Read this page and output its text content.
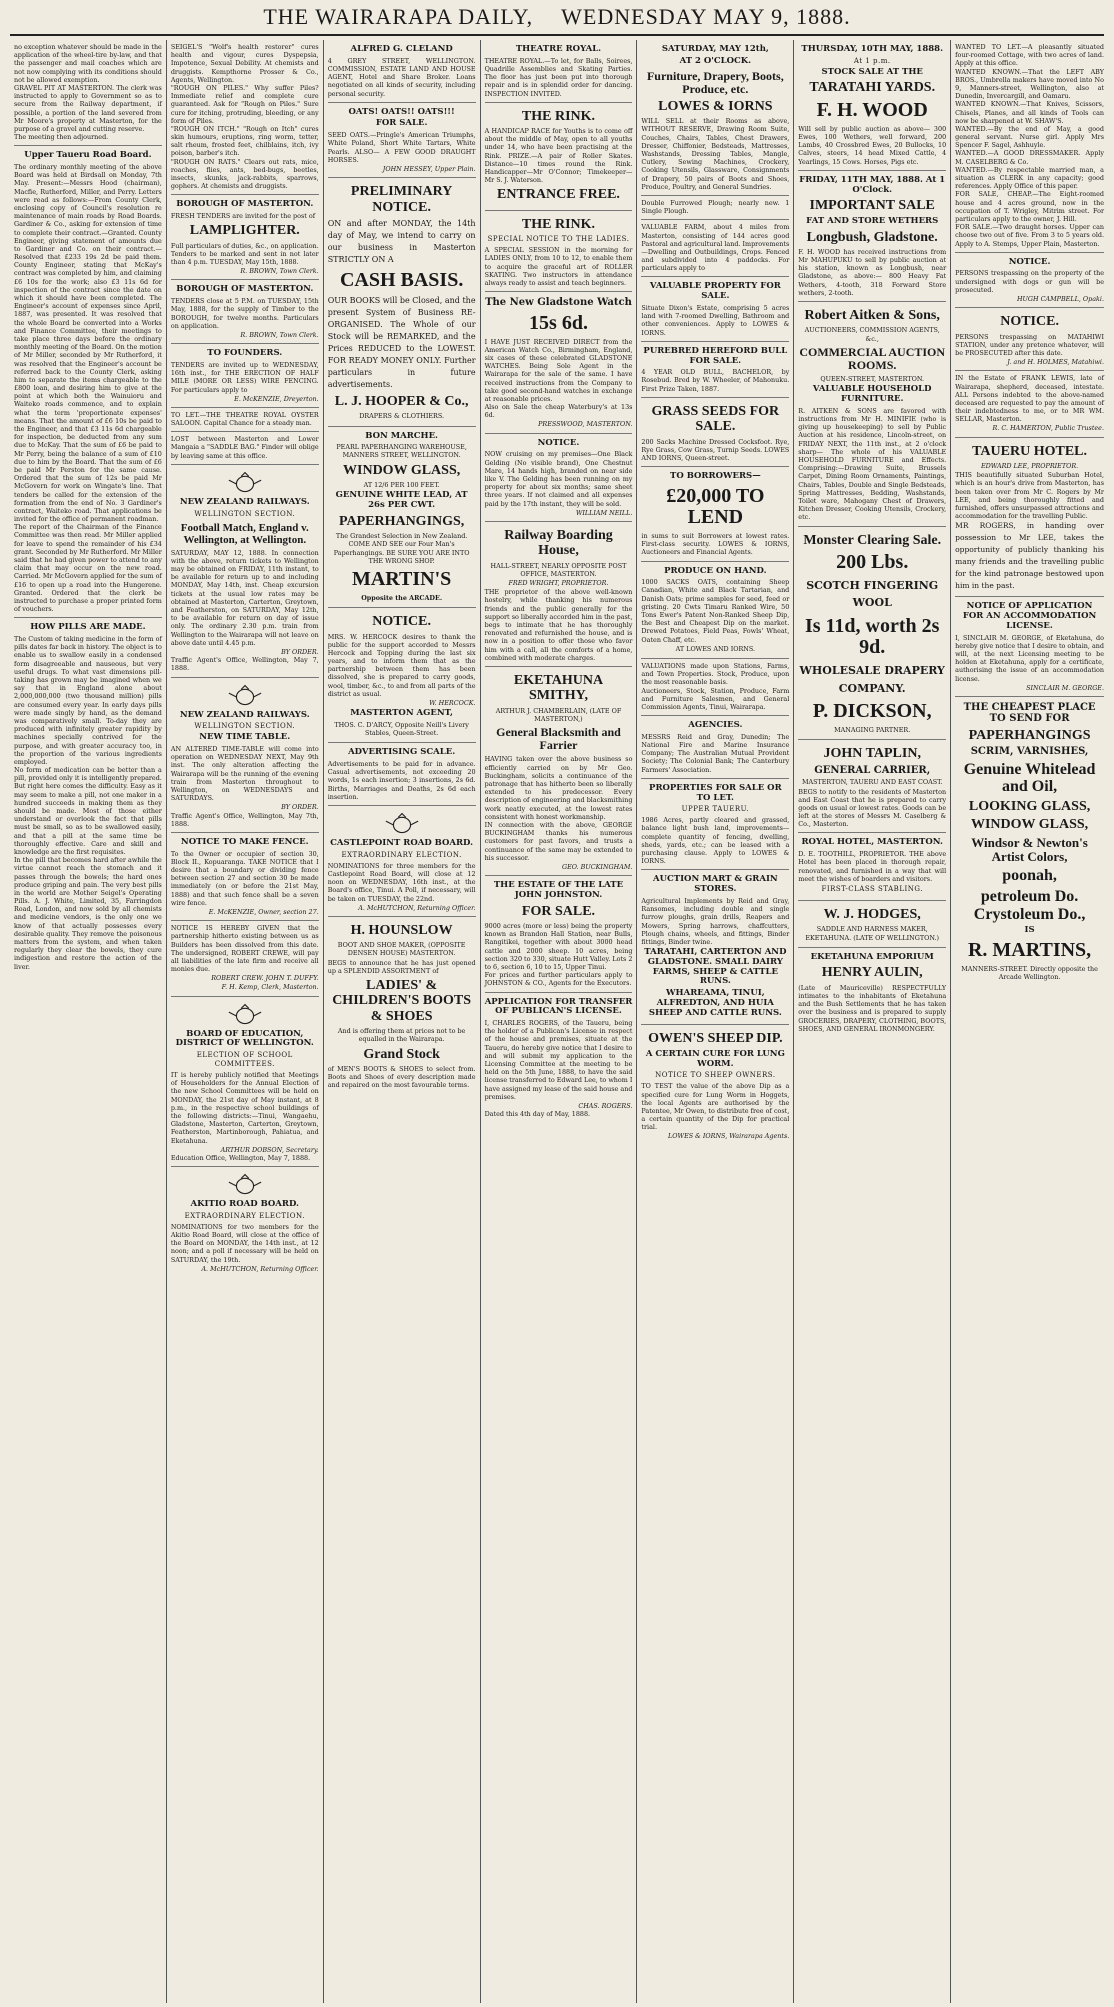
THE WAIRARAPA DAILY, WEDNESDAY MAY 9, 1888.

no exception whatever should be made in the application of the wheel-tire by-law, and that the passenger and mail coaches which are not now complying with its conditions should not be allowed exemption.

GRAVEL PIT AT MASTERTON. The clerk was instructed to apply to Government so as to secure from the Railway department, if possible, a portion of the land severed from Mr Moore's property at Masterton, for the purpose of a gravel and cutting reserve.

The meeting then adjourned.

Upper Taueru Road Board.

The ordinary monthly meeting of the above Board was held at Birdsall on Monday, 7th May. Present:—Messrs Hood (chairman), Macfie, Rutherford, Miller, and Perry. Letters were read as follows:—From County Clerk, enclosing copy of Council's resolution re maintenance of main roads by Road Boards. Gardiner & Co., asking for extension of time to complete their contract.—Granted. County Engineer, giving statement of amounts due to Gardiner and Co. on their contract.—Resolved that £233 19s 2d be paid them. County Engineer, stating that McKay's contract was completed by him, and claiming £6 10s for the work; also £3 11s 6d for inspection of the contract since the date on which it should have been completed. The Engineer's account of expenses since April, 1887, was presented. It was resolved that the whole Board be converted into a Works and Finance Committee, their meetings to take place three days before the ordinary monthly meeting of the Board. On the motion of Mr Miller, seconded by Mr Rutherford, it was resolved that the Engineer's account be referred back to the County Clerk, asking him to separate the items chargeable to the £800 loan, and desiring him to give at the point at which both the Wainuioru and Waiteko roads commence, and to explain what the term 'proportionate expenses' means. That the amount of £6 10s be paid to the Engineer, and that £3 11s 6d chargeable for inspection, be deducted from any sum due to McKay. That the sum of £6 be paid to Mr Perry, being the balance of a sum of £10 due to him by the Board. That the sum of £6 be paid Mr Perston for the same cause. Ordered that the sum of 12s be paid Mr McGovern for work on Wingate's line. That tenders be called for the extension of the formation from the end of No. 3 Gardiner's contract, Waiteko road. That applications be invited for the office of permanent roadman.

The report of the Chairman of the Finance Committee was then read. Mr Miller applied for leave to spend the remainder of his £34 grant. Seconded by Mr Rutherford. Mr Miller said that he had given power to attend to any claim that may occur on the new road. Carried. Mr McGovern applied for the sum of £16 to open up a road into the Hungerene. Granted. Ordered that the clerk be instructed to purchase a proper printed form of vouchers.

HOW PILLS ARE MADE.

The Custom of taking medicine in the form of pills dates far back in history. The object is to enable us to swallow easily in a condensed form disagreeable and nauseous, but very useful drugs. To what vast dimensions pill-taking has grown may be imagined when we say that in England alone about 2,000,000,000 (two thousand million) pills are consumed every year. In early days pills were made singly by hand, as the demand was comparatively small. To-day they are produced with infinitely greater rapidity by machines specially contrived for the purpose, and with greater accuracy too, in the proportion of the various ingredients employed.

No form of medication can be better than a pill, provided only it is intelligently prepared. But right here comes the difficulty. Easy as it may seem to make a pill, not one maker in a hundred succeeds in making them as they should be made. Most of those either understand or overlook the fact that pills must be small, so as to be swallowed easily, and that a pill at the same time be thoroughly effective. Care and skill and knowledge are the first requisites.

In the pill that becomes hard after awhile the virtue cannot reach the stomach and it passes through the bowels; the hard ones produce griping and pain. The very best pills in the world are Mother Seigel's Operating Pills. A. J. White, Limited, 35, Farringdon Road, London, and now sold by all chemists and medicine vendors, is the only one we know of that actually possesses every desirable quality. They remove the poisonous matters from the system, and when taken regularly they clear the bowels, they cure indigestion and restore the action of the liver.

SEIGEL'S "Wolf's health restorer" cures health and vigour, cures Dyspepsia, Impotence, Sexual Debility. At chemists and druggists. Kempthorne Prosser & Co., Agents, Wellington.

"ROUGH ON PILES." Why suffer Piles? Immediate relief and complete cure guaranteed. Ask for "Rough on Piles." Sure cure for itching, protruding, bleeding, or any form of Piles.

"ROUGH ON ITCH." "Rough on Itch" cures skin humours, eruptions, ring worm, tetter, salt rheum, frosted feet, chilblains, itch, ivy poison, barber's itch.

"ROUGH ON RATS." Clears out rats, mice, roaches, flies, ants, bed-bugs, beetles, insects, skunks, jack-rabbits, sparrows, gophers. At chemists and druggists.

BOROUGH OF MASTERTON.

FRESH TENDERS are invited for the post of

LAMPLIGHTER.

Full particulars of duties, &c., on application. Tenders to be marked and sent in not later than 4 p.m. TUESDAY, May 15th, 1888.

R. BROWN, Town Clerk.

BOROUGH OF MASTERTON.

TENDERS close at 5 P.M. on TUESDAY, 15th May, 1888, for the supply of Timber to the BOROUGH, for twelve months. Particulars on application.

R. BROWN, Town Clerk.

TO FOUNDERS.

TENDERS are invited up to WEDNESDAY, 16th inst., for THE ERECTION OF HALF MILE (MORE OR LESS) WIRE FENCING. For particulars apply to

E. McKENZIE, Dreyerton.

TO LET.—THE THEATRE ROYAL OYSTER SALOON. Capital Chance for a steady man.

LOST between Masterton and Lower Mangaia a "SADDLE BAG." Finder will oblige by leaving same at this office.

NEW ZEALAND RAILWAYS.
WELLINGTON SECTION.
Football Match, England v. Wellington, at Wellington.

SATURDAY, MAY 12, 1888. In connection with the above, return tickets to Wellington may be obtained on FRIDAY, 11th instant, to be available for return up to and including MONDAY, May 14th, inst. Cheap excursion tickets at the usual low rates may be obtained at Masterton, Carterton, Greytown, and Featherston, on SATURDAY, May 12th, to be available for return on day of issue only. The ordinary 2.30 p.m. train from Wellington to the Wairarapa will not leave on above date until 4.45 p.m.

BY ORDER.

Traffic Agent's Office, Wellington, May 7, 1888.

NEW ZEALAND RAILWAYS.
WELLINGTON SECTION.
NEW TIME TABLE.

AN ALTERED TIME-TABLE will come into operation on WEDNESDAY NEXT, May 9th inst. The only alteration affecting the Wairarapa will be the running of the evening train from Masterton throughout to Wellington, on WEDNESDAYS and SATURDAYS.

BY ORDER.

Traffic Agent's Office, Wellington, May 7th, 1888.

NOTICE TO MAKE FENCE.

To the Owner or occupier of section 30, Block II., Kopuaranga. TAKE NOTICE that I desire that a boundary or dividing fence between section 27 and section 30 be made immediately (on or before the 21st May, 1888) and that such fence shall be a seven wire fence.

E. McKENZIE, Owner, section 27.

NOTICE IS HEREBY GIVEN that the partnership hitherto existing between us as Builders has been dissolved from this date. The undersigned, ROBERT CREWE, will pay all liabilities of the late firm and receive all monies due.

ROBERT CREW. JOHN T. DUFFY.

F. H. Kemp, Clerk, Masterton.

BOARD OF EDUCATION, DISTRICT OF WELLINGTON.
ELECTION OF SCHOOL COMMITTEES.

IT is hereby publicly notified that Meetings of Householders for the Annual Election of the new School Committees will be held on MONDAY, the 21st day of May instant, at 8 p.m., in the respective school buildings of the following districts:—Tinui, Wangaehu, Gladstone, Masterton, Carterton, Greytown, Featherston, Martinborough, Pahiatua, and Eketahuna.

ARTHUR DOBSON, Secretary.

Education Office, Wellington, May 7, 1888.

AKITIO ROAD BOARD.
EXTRAORDINARY ELECTION.

NOMINATIONS for two members for the Akitio Road Board, will close at the office of the Board on MONDAY, the 14th inst., at 12 noon; and a poll if necessary will be held on SATURDAY, the 19th.

A. McHUTCHON, Returning Officer.

ALFRED G. CLELAND

4 GREY STREET, WELLINGTON. COMMISSION, ESTATE LAND AND HOUSE AGENT, Hotel and Share Broker. Loans negotiated on all kinds of security, including personal security.

OATS! OATS!! OATS!!!
FOR SALE.

SEED OATS.—Pringle's American Triumphs, White Poland, Short White Tartars, White Pearls. ALSO— A FEW GOOD DRAUGHT HORSES.

JOHN HESSEY, Upper Plain.

PRELIMINARY NOTICE.

ON and after MONDAY, the 14th day of May, we intend to carry on our business in Masterton STRICTLY ON A

CASH BASIS.

OUR BOOKS will be Closed, and the present System of Business RE-ORGANISED. The Whole of our Stock will be REMARKED, and the Prices REDUCED to the LOWEST. FOR READY MONEY ONLY. Further particulars in future advertisements.

L. J. HOOPER & Co.,

DRAPERS & CLOTHIERS.

BON MARCHE.

PEARL PAPERHANGING WAREHOUSE, MANNERS STREET, WELLINGTON.

WINDOW GLASS,

AT 12/6 PER 100 FEET.

GENUINE WHITE LEAD, AT 26s PER CWT.
PAPERHANGINGS,

The Grandest Selection in New Zealand. COME AND SEE our Four Man's Paperhangings. BE SURE YOU ARE INTO THE WRONG SHOP.

MARTIN'S

Opposite the ARCADE.

NOTICE.

MRS. W. HERCOCK desires to thank the public for the support accorded to Messrs Hercock and Topping during the last six years, and to inform them that as the partnership between them has been dissolved, she is prepared to carry goods, wool, timber, &c., to and from all parts of the district as usual.

W. HERCOCK.

MASTERTON AGENT,

THOS. C. D'ARCY, Opposite Neill's Livery Stables, Queen-Street.

ADVERTISING SCALE.

Advertisements to be paid for in advance. Casual advertisements, not exceeding 20 words, 1s each insertion; 3 insertions, 2s 6d. Births, Marriages and Deaths, 2s 6d each insertion.

CASTLEPOINT ROAD BOARD.
EXTRAORDINARY ELECTION.

NOMINATIONS for three members for the Castlepoint Road Board, will close at 12 noon on WEDNESDAY, 16th inst., at the Board's office, Tinui. A Poll, if necessary, will be taken on TUESDAY, the 22nd.

A. McHUTCHON, Returning Officer.

H. HOUNSLOW

BOOT AND SHOE MAKER, (OPPOSITE DENSEN HOUSE) MASTERTON.

BEGS to announce that he has just opened up a SPLENDID ASSORTMENT of

LADIES' & CHILDREN'S BOOTS & SHOES

And is offering them at prices not to be equalled in the Wairarapa.

Grand Stock

of MEN'S BOOTS & SHOES to select from. Boots and Shoes of every description made and repaired on the most favourable terms.

THEATRE ROYAL.

THEATRE ROYAL.—To let, for Balls, Soirees, Quadrille Assemblies and Skating Parties. The floor has just been put into thorough repair and is in splendid order for dancing. INSPECTION INVITED.

THE RINK.

A HANDICAP RACE for Youths is to come off about the middle of May, open to all youths under 14, who have been practising at the Rink. PRIZE.—A pair of Roller Skates. Distance—10 times round the Rink. Handicapper—Mr O'Connor; Timekeeper—Mr S. J. Waterson.

ENTRANCE FREE.
THE RINK.
SPECIAL NOTICE TO THE LADIES.

A SPECIAL SESSION in the morning for LADIES ONLY, from 10 to 12, to enable them to acquire the graceful art of ROLLER SKATING. Two instructors in attendance always ready to assist and teach beginners.

The New Gladstone Watch
15s 6d.

I HAVE JUST RECEIVED DIRECT from the American Watch Co., Birmingham, England, six cases of these celebrated GLADSTONE WATCHES. Being Sole Agent in the Wairarapa for the sale of the same. I have received instructions from the Company to take good second-hand watches in exchange at reasonable prices.

Also on Sale the cheap Waterbury's at 13s 6d.

PRESSWOOD, MASTERTON.

NOTICE.

NOW cruising on my premises—One Black Gelding (No visible brand), One Chestnut Mare, 14 hands high, branded on near side like V. The Gelding has been running on my property for about six months; same sheet three years. If not claimed and all expenses paid by the 17th instant, they will be sold.

WILLIAM NEILL.

Railway Boarding House,

HALL-STREET, NEARLY OPPOSITE POST OFFICE, MASTERTON.

FRED WRIGHT, PROPRIETOR.

THE proprietor of the above well-known hostelry, while thanking his numerous friends and the public generally for the support so liberally accorded him in the past, begs to intimate that he has thoroughly renovated and refurnished the house, and is now in a position to offer those who favor him with a call, all the comforts of a home, combined with moderate charges.

EKETAHUNA SMITHY,

ARTHUR J. CHAMBERLAIN, (LATE OF MASTERTON,)

General Blacksmith and Farrier

HAVING taken over the above business so efficiently carried on by Mr Geo. Buckingham, solicits a continuance of the patronage that has hitherto been so liberally extended to his predecessor. Every description of engineering and blacksmithing work neatly executed, at the lowest rates consistent with honest workmanship.

IN connection with the above, GEORGE BUCKINGHAM thanks his numerous customers for past favors, and trusts a continuance of the same may be extended to his successor.

GEO. BUCKINGHAM.

THE ESTATE OF THE LATE JOHN JOHNSTON.
FOR SALE.

9000 acres (more or less) being the property known as Brandon Hall Station, near Bulls, Rangitikei, together with about 3000 head cattle and 2000 sheep. 10 acres, being section 320 to 330, situate Hutt Valley. Lots 2 to 6, section 6, 10 to 15, Upper Tinui.

For prices and further particulars apply to JOHNSTON & CO., Agents for the Executors.

APPLICATION FOR TRANSFER OF PUBLICAN'S LICENSE.

I, CHARLES ROGERS, of the Taueru, being the holder of a Publican's License in respect of the house and premises, situate at the Taueru, do hereby give notice that I desire to and will submit my application to the Licensing Committee at the meeting to be held on the 5th June, 1888, to have the said license transferred to Edward Lee, to whom I have assigned my lease of the said house and premises.

CHAS. ROGERS.

Dated this 4th day of May, 1888.

SATURDAY, MAY 12th,
AT 2 O'CLOCK.
Furniture, Drapery, Boots, Produce, etc.
LOWES & IORNS

WILL SELL at their Rooms as above, WITHOUT RESERVE, Drawing Room Suite, Couches, Chairs, Tables, Chest Drawers, Dresser, Chiffonier, Bedsteads, Mattresses, Washstands, Dressing Tables, Mangle, Cutlery, Sewing Machines, Crockery, Cooking Utensils, Glassware, Consignments of Drapery, 50 pairs of Boots and Shoes, Produce, Poultry, and General Sundries.

Double Furrowed Plough; nearly new. 1 Single Plough.

VALUABLE FARM, about 4 miles from Masterton, consisting of 144 acres good Pastoral and agricultural land. Improvements—Dwelling and Outbuildings, Crops. Fenced and subdivided into 4 paddocks. For particulars apply to

VALUABLE PROPERTY FOR SALE.

Situate Dixon's Estate, comprising 5 acres land with 7-roomed Dwelling, Bathroom and other conveniences. Apply to LOWES & IORNS.

PUREBRED HEREFORD BULL FOR SALE.

4 YEAR OLD BULL, BACHELOR, by Rosebud. Bred by W. Wheeler, of Mahonuku. First Prize Taken, 1887.

GRASS SEEDS FOR SALE.

200 Sacks Machine Dressed Cocksfoot. Rye, Rye Grass, Cow Grass, Turnip Seeds. LOWES AND IORNS, Queen-street.

TO BORROWERS—
£20,000 TO LEND

in sums to suit Borrowers at lowest rates. First-class security. LOWES & IORNS, Auctioneers and Financial Agents.

PRODUCE ON HAND.

1000 SACKS OATS, containing Sheep Canadian, White and Black Tartarian, and Danish Oats; prime samples for seed, feed or gristing. 20 Cwts Timaru Ranked Wire, 50 Tons Ewer's Patent Non-Ranked Sheep Dip, the Best and Cheapest Dip on the market. Drewed Potatoes, Field Peas, Fowls' Wheat, Oaten Chaff, etc.

AT LOWES AND IORNS.

VALUATIONS made upon Stations, Farms, and Town Properties. Stock, Produce, upon the most reasonable basis.

Auctioneers, Stock, Station, Produce, Farm and Furniture Salesmen, and General Commission Agents, Tinui, Wairarapa.

AGENCIES.

MESSRS Reid and Gray, Dunedin; The National Fire and Marine Insurance Company; The Australian Mutual Provident Society; The Colonial Bank; The Canterbury Farmers' Association.

PROPERTIES FOR SALE OR TO LET.
UPPER TAUERU.

1986 Acres, partly cleared and grassed, balance light bush land, improvements—complete quantity of fencing, dwelling, sheds, yards, etc.; can be leased with a purchasing clause. Apply to LOWES & IORNS.

AUCTION MART & GRAIN STORES.

Agricultural Implements by Reid and Gray, Ransomes, including double and single furrow ploughs, grain drills, Reapers and Mowers, Spring harrows, chaffcutters, Plough chains, wheels, and fittings, Binder fittings, Binder twine.

TARATAHI, CARTERTON AND GLADSTONE. SMALL DAIRY FARMS, SHEEP & CATTLE RUNS.
WHAREAMA, TINUI, ALFREDTON, AND HUIA SHEEP AND CATTLE RUNS.
OWEN'S SHEEP DIP.
A CERTAIN CURE FOR LUNG WORM.
NOTICE TO SHEEP OWNERS.

TO TEST the value of the above Dip as a specified cure for Lung Worm in Hoggets, the local Agents are authorised by the Patentee, Mr Owen, to distribute free of cost, a certain quantity of the Dip for practical trial.

LOWES & IORNS, Wairarapa Agents.

THURSDAY, 10TH MAY, 1888.
At 1 p.m.
STOCK SALE AT THE
TARATAHI YARDS.
F. H. WOOD

Will sell by public auction as above— 300 Ewes, 100 Wethers, well forward, 200 Lambs, 40 Crossbred Ewes, 20 Bullocks, 10 Calves, steers, 14 head Mixed Cattle, 4 Yearlings, 15 Cows. Horses, Pigs etc.

FRIDAY, 11TH MAY, 1888. At 1 O'Clock.
IMPORTANT SALE
FAT AND STORE WETHERS
Longbush, Gladstone.

F. H. WOOD has received instructions from Mr MAHUPUKU to sell by public auction at his station, known as Longbush, near Gladstone, as above:— 800 Heavy Fat Wethers, 4-tooth, 318 Forward Store wethers, 2-tooth.

Robert Aitken & Sons,

AUCTIONEERS, COMMISSION AGENTS, &c.,

COMMERCIAL AUCTION ROOMS.

QUEEN-STREET, MASTERTON.

VALUABLE HOUSEHOLD FURNITURE.

R. AITKEN & SONS are favored with instructions from Mr H. MINIFIE (who is giving up housekeeping) to sell by Public Auction at his residence, Lincoln-street, on FRIDAY NEXT, the 11th inst., at 2 o'clock sharp— The whole of his VALUABLE HOUSEHOLD FURNITURE and Effects. Comprising:—Drawing Suite, Brussels Carpet, Dining Room Ornaments, Paintings, Chairs, Tables, Double and Single Bedsteads, Spring Mattresses, Bedding, Washstands, Toilet ware, Mahogany Chest of Drawers, Kitchen Dresser, Cooking Utensils, Crockery, etc.

Monster Clearing Sale.
200 Lbs.
SCOTCH FINGERING WOOL
Is 11d, worth 2s 9d.
WHOLESALE DRAPERY COMPANY.
P. DICKSON,

MANAGING PARTNER.

JOHN TAPLIN,
GENERAL CARRIER,

MASTERTON, TAUERU AND EAST COAST.

BEGS to notify to the residents of Masterton and East Coast that he is prepared to carry goods on usual or lowest rates. Goods can be left at the stores of Messrs M. Caselberg & Co., Masterton.

ROYAL HOTEL, MASTERTON.

D. E. TOOTHILL, PROPRIETOR. THE above Hotel has been placed in thorough repair, renovated, and furnished in a way that will meet the wishes of boarders and visitors.

FIRST-CLASS STABLING.
W. J. HODGES,

SADDLE AND HARNESS MAKER, EKETAHUNA. (LATE OF WELLINGTON.)

EKETAHUNA EMPORIUM
HENRY AULIN,

(Late of Mauriceville) RESPECTFULLY intimates to the inhabitants of Eketahuna and the Bush Settlements that he has taken over the business and is prepared to supply GROCERIES, DRAPERY, CLOTHING, BOOTS, SHOES, AND GENERAL IRONMONGERY.

WANTED TO LET.—A pleasantly situated four-roomed Cottage, with two acres of land. Apply at this office.

WANTED KNOWN.—That the LEFT ABY BROS., Umbrella makers have moved into No 9, Manners-street, Wellington, also at Dunedin, Invercargill, and Oamaru.

WANTED KNOWN.—That Knives, Scissors, Chisels, Planes, and all kinds of Tools can now be sharpened at W. SHAW'S.

WANTED.—By the end of May, a good general servant. Nurse girl. Apply Mrs Spencer F. Sagel, Ashhuyle.

WANTED.—A GOOD DRESSMAKER. Apply M. CASELBERG & Co.

WANTED.—By respectable married man, a situation as CLERK in any capacity; good references. Apply Office of this paper.

FOR SALE, CHEAP.—The Eight-roomed house and 4 acres ground, now in the occupation of T. Wrigley, Mitrim street. For particulars apply to the owner, J. Hill.

FOR SALE.—Two draught horses. Upper can choose two out of five. From 3 to 5 years old. Apply to A. Stemps, Upper Plain, Masterton.

NOTICE.

PERSONS trespassing on the property of the undersigned with dogs or gun will be prosecuted.

HUGH CAMPBELL, Opaki.

NOTICE.

PERSONS trespassing on MATAHIWI STATION, under any pretence whatever, will be PROSECUTED after this date.

J. and H. HOLMES, Matahiwi.

IN the Estate of FRANK LEWIS, late of Wairarapa, shepherd, deceased, intestate. ALL Persons indebted to the above-named deceased are requested to pay the amount of their indebtedness to me, or to MR WM. SELLAR, Masterton.

R. C. HAMERTON, Public Trustee.

TAUERU HOTEL.

EDWARD LEE, PROPRIETOR.

THIS beautifully situated Suburban Hotel, which is an hour's drive from Masterton, has been taken over from Mr C. Rogers by Mr LEE, and being thoroughly fitted and furnished, offers unsurpassed attractions and accommodation for the travelling Public.

MR ROGERS, in handing over possession to Mr LEE, takes the opportunity of publicly thanking his many friends and the travelling public for the kind patronage bestowed upon him in the past.

NOTICE OF APPLICATION FOR AN ACCOMMODATION LICENSE.

I, SINCLAIR M. GEORGE, of Eketahuna, do hereby give notice that I desire to obtain, and will, at the next Licensing meeting to be holden at Eketahuna, apply for a certificate, authorising the issue of an accommodation license.

SINCLAIR M. GEORGE.

THE CHEAPEST PLACE TO SEND FOR
PAPERHANGINGS
SCRIM, VARNISHES,
Genuine Whitelead and Oil,
LOOKING GLASS,
WINDOW GLASS,
Windsor & Newton's Artist Colors,
poonah,
petroleum Do. Crystoleum Do.,
IS
R. MARTINS,

MANNERS-STREET. Directly opposite the Arcade Wellington.
